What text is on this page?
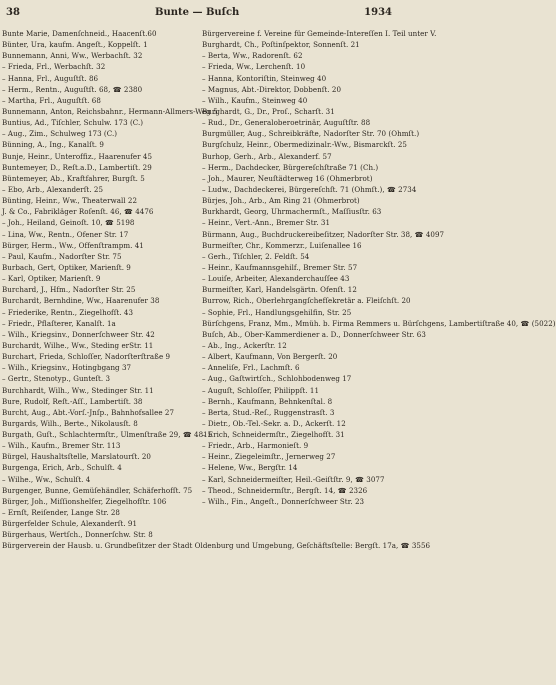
38	Bunte — Buſch	1934
Bunte Marie, Damenſchneid., Haacenſt.60
Bünter, Ura, kaufm. Angeſt., Koppelſt. 1
Bunnemann, Anni, Ww., Werbachſt. 32
– Frieda, Frl., Werbachſt. 32
– Hanna, Frl., Auguſtſt. 86
– Herm., Rentn., Auguſtſt. 68, ☎ 2380
– Martha, Frl., Auguſtſt. 68
Bunnemann, Anton, Reichsbahnr., Hermann-Allmers-Weg 5
Buntius, Ad., Tiſchler, Schulw. 173 (C.)
– Aug., Zim., Schulweg 173 (C.)
Bünning, A., Ing., Kanalſt. 9
Bunje, Heinr., Unteroffiz., Haarenufer 45
Buntemeyer, D., Reſt.a.D., Lambertiſt. 29
Büntemeyer, Ab., Kraftfahrer, Burgſt. 5
– Ebo, Arb., Alexanderſt. 25
Bünting, Heinr., Ww., Theaterwall 22
J. & Co., Fabrikläger Roſenſt. 46, ☎ 4476
– Joh., Heiland, Geinoſt. 10, ☎ 5198
– Lina, Ww., Rentn., Ofener Str. 17
Bürger, Herm., Ww., Offenſtrampm. 41
– Paul, Kaufm., Nadorſter Str. 75
Burbach, Gert, Optiker, Marienſt. 9
– Karl, Optiker, Marienſt. 9
Burchard, J., Hfm., Nadorſter Str. 25
Burchardt, Bernhdine, Ww., Haarenufer 38
– Friederike, Rentn., Ziegelhofſt. 43
– Friedr., Pflaſterer, Kanalſt. 1a
– Wilh., Kriegsinv., Donnerſchweer Str. 42
Burchardt, Wilhe., Ww., Steding erStr. 11
Burchart, Frieda, Schloſſer, Nadorſterſtraße 9
– Wilh., Kriegsinv., Hotingbgang 37
– Gertr., Stenotyp., Gunteſt. 3
Burchhardt, Wilh., Ww., Stedinger Str. 11
Bure, Rudolf, Reſt.-Aſſ., Lambertiſt. 38
Burcht, Aug., Abt.-Vorſ.-Jnſp., Bahnhofsallee 27
Burgards, Wilh., Berte., Nikolausſt. 8
Burgath, Guſt., Schlachtermſtr., Ulmenſtraße 29, ☎ 4815
– Wilh., Kaufm., Bremer Str. 113
Bürgel, Haushaltsſtelle, Marslatourſt. 20
Burgenga, Erich, Arb., Schulſt. 4
– Wilhe., Ww., Schulſt. 4
Burgenger, Bunne, Gemüſehändler, Schäferhofſt. 75
Bürger, Joh., Miſſionshelfer, Ziegelhofſtr. 106
– Ernſt, Reiſender, Lange Str. 28
Bürgerfelder Schule, Alexanderſt. 91
Bürgerhaus, Wertſch., Donnerſchw. Str. 8
Bürgerverein der Hausb. u. Grundbeſitzer der Stadt Oldenburg und Umgebung, Geſchäftsſtelle: Bergſt. 17a, ☎ 3556
Bürgervereine f. Vereine für Gemeinde-Intereſſen I. Teil unter V.
Burghardt, Ch., Poſtinſpektor, Sonnenſt. 21
– Berta, Ww., Radorenſt. 62
– Frieda, Ww., Lerchenſt. 10
– Hanna, Kontoriſtin, Steinweg 40
– Magnus, Abt.-Direktor, Dobbenſt. 20
– Wilh., Kaufm., Steinweg 40
Burghardt, G., Dr., Proſ., Scharſt. 31
– Rud., Dr., Generaloberoetrinär, Auguſtſtr. 88
Burgmüller, Aug., Schreibkräfte, Nadorſter Str. 70 (Ohmſt.)
Burgſchulz, Heinr., Obermedizinalr.-Ww., Bismarckſt. 25
Burhop, Gerh., Arb., Alexanderf. 57
– Herm., Dachdecker, Bürgereſchſtraße 71 (Ch.)
– Joh., Maurer, Neuſtädterweg 16 (Ohmerbrot)
– Ludw., Dachdeckerei, Bürgereſchſt. 71 (Ohmſt.), ☎ 2734
Bürjes, Joh., Arb., Am Ring 21 (Ohmerbrot)
Burkhardt, Georg, Uhrmachermſt., Maſſiusſtr. 63
– Heinr., Vert.-Ann., Bremer Str. 31
Bürmann, Aug., Buchdruckereibeſitzer, Nadorſter Str. 38, ☎ 4097
Burmeiſter, Chr., Kommerzr., Luiſenallee 16
– Gerh., Tiſchler, 2. Feldſt. 54
– Heinr., Kaufmannsgehilf., Bremer Str. 57
– Louiſe, Arbeiter, Alexanderchauſſee 43
Burmeiſter, Karl, Handelsgärtn. Ofenſt. 12
Burrow, Rich., Oberlehrgangſchefſekretär a. Fleiſchſt. 20
– Sophie, Frl., Handlungsgehilfin, Str. 25
Bürſchgens, Franz, Mm., Mmüh. b. Firma Remmers u. Bürſchgens, Lambertiſtraße 40, ☎ (5022)
Buſch, Ab., Ober-Kammerdiener a. D., Donnerſchweer Str. 63
– Ab., Ing., Ackerſtr. 12
– Albert, Kaufmann, Von Bergerſt. 20
– Anneliſe, Frl., Lachmſt. 6
– Aug., Gaſtwirtſch., Schlohbodenweg 17
– Auguſt, Schloſſer, Philippſt. 11
– Bernh., Kaufmann, Behnkenſtal. 8
– Berta, Stud.-Reſ., Ruggenstrasſt. 3
– Dietr., Ob.-Tel.-Sekr. a. D., Ackerſt. 12
– Erich, Schneidermſtr., Ziegelhofſt. 31
– Friedr., Arb., Harmonieſt. 9
– Heinr., Ziegeleimſtr., Jernerweg 27
– Helene, Ww., Bergſtr. 14
– Karl, Schneidermeiſter, Heil.-Geiſtſtr. 9, ☎ 3077
– Theod., Schneidermſtr., Bergſt. 14, ☎ 2326
– Wilh., Fin., Angeſt., Donnerſchweer Str. 23
